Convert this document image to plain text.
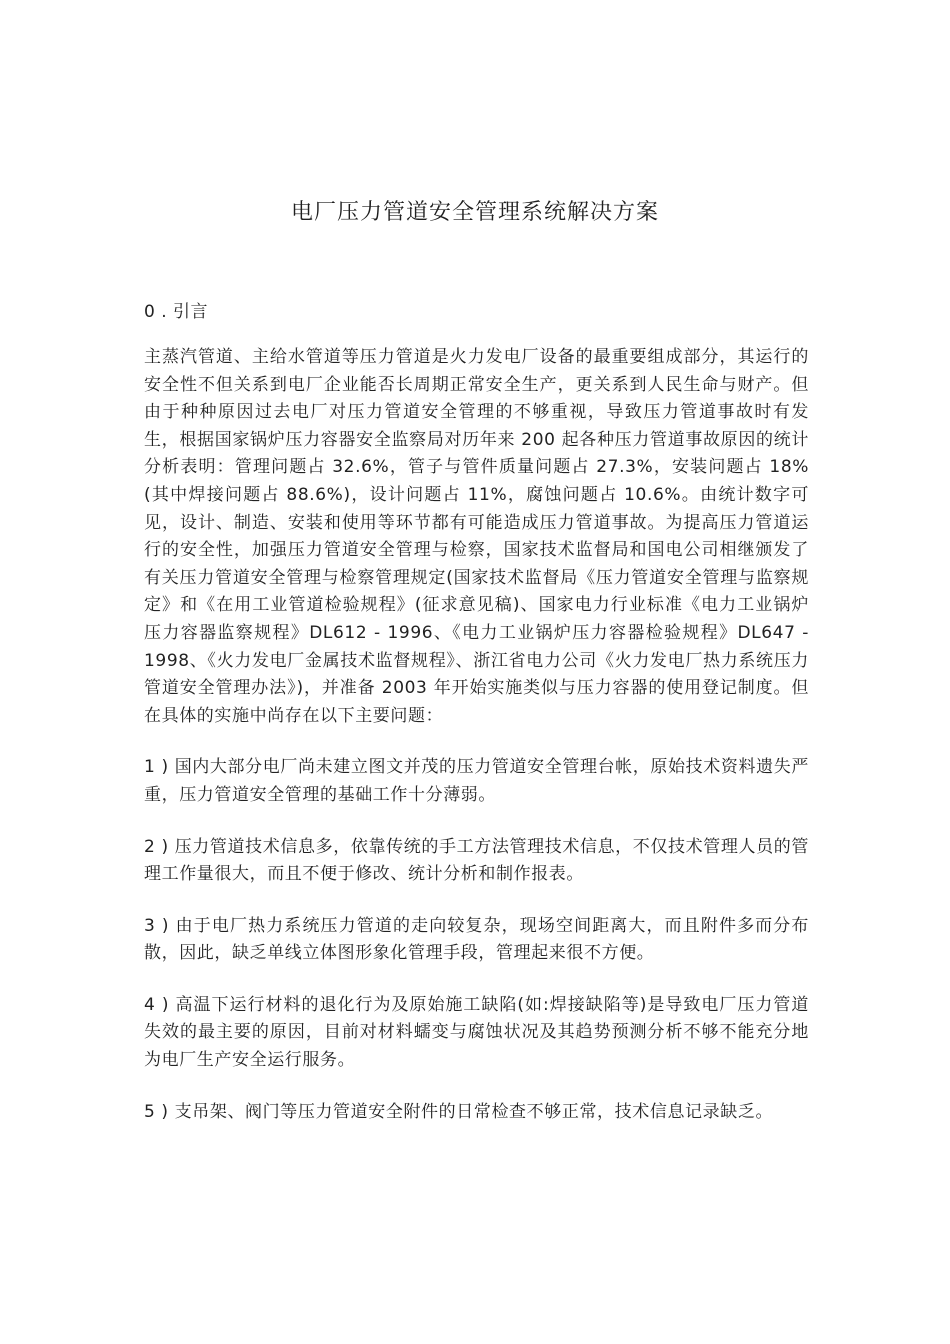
电厂压力管道安全管理系统解决方案
0 . 引言

主蒸汽管道、主给水管道等压力管道是火力发电厂设备的最重要组成部分，其运行的安全性不但关系到电厂企业能否长周期正常安全生产，更关系到人民生命与财产。但由于种种原因过去电厂对压力管道安全管理的不够重视，导致压力管道事故时有发生，根据国家锅炉压力容器安全监察局对历年来 200 起各种压力管道事故原因的统计分析表明：管理问题占 32.6%，管子与管件质量问题占 27.3%，安装问题占 18%(其中焊接问题占 88.6%)，设计问题占 11%，腐蚀问题占 10.6%。由统计数字可见，设计、制造、安装和使用等环节都有可能造成压力管道事故。为提高压力管道运行的安全性，加强压力管道安全管理与检察，国家技术监督局和国电公司相继颁发了有关压力管道安全管理与检察管理规定(国家技术监督局《压力管道安全管理与监察规定》和《在用工业管道检验规程》(征求意见稿)、国家电力行业标准《电力工业锅炉压力容器监察规程》DL612 - 1996、《电力工业锅炉压力容器检验规程》DL647 - 1998、《火力发电厂金属技术监督规程》、浙江省电力公司《火力发电厂热力系统压力管道安全管理办法》)，并准备 2003 年开始实施类似与压力容器的使用登记制度。但在具体的实施中尚存在以下主要问题：

1 ) 国内大部分电厂尚未建立图文并茂的压力管道安全管理台帐，原始技术资料遗失严重，压力管道安全管理的基础工作十分薄弱。

2 ) 压力管道技术信息多，依靠传统的手工方法管理技术信息，不仅技术管理人员的管理工作量很大，而且不便于修改、统计分析和制作报表。

3 ) 由于电厂热力系统压力管道的走向较复杂，现场空间距离大，而且附件多而分布散，因此，缺乏单线立体图形象化管理手段，管理起来很不方便。

4 ) 高温下运行材料的退化行为及原始施工缺陷(如:焊接缺陷等)是导致电厂压力管道失效的最主要的原因，目前对材料蠕变与腐蚀状况及其趋势预测分析不够不能充分地为电厂生产安全运行服务。

5 ) 支吊架、阀门等压力管道安全附件的日常检查不够正常，技术信息记录缺乏。
